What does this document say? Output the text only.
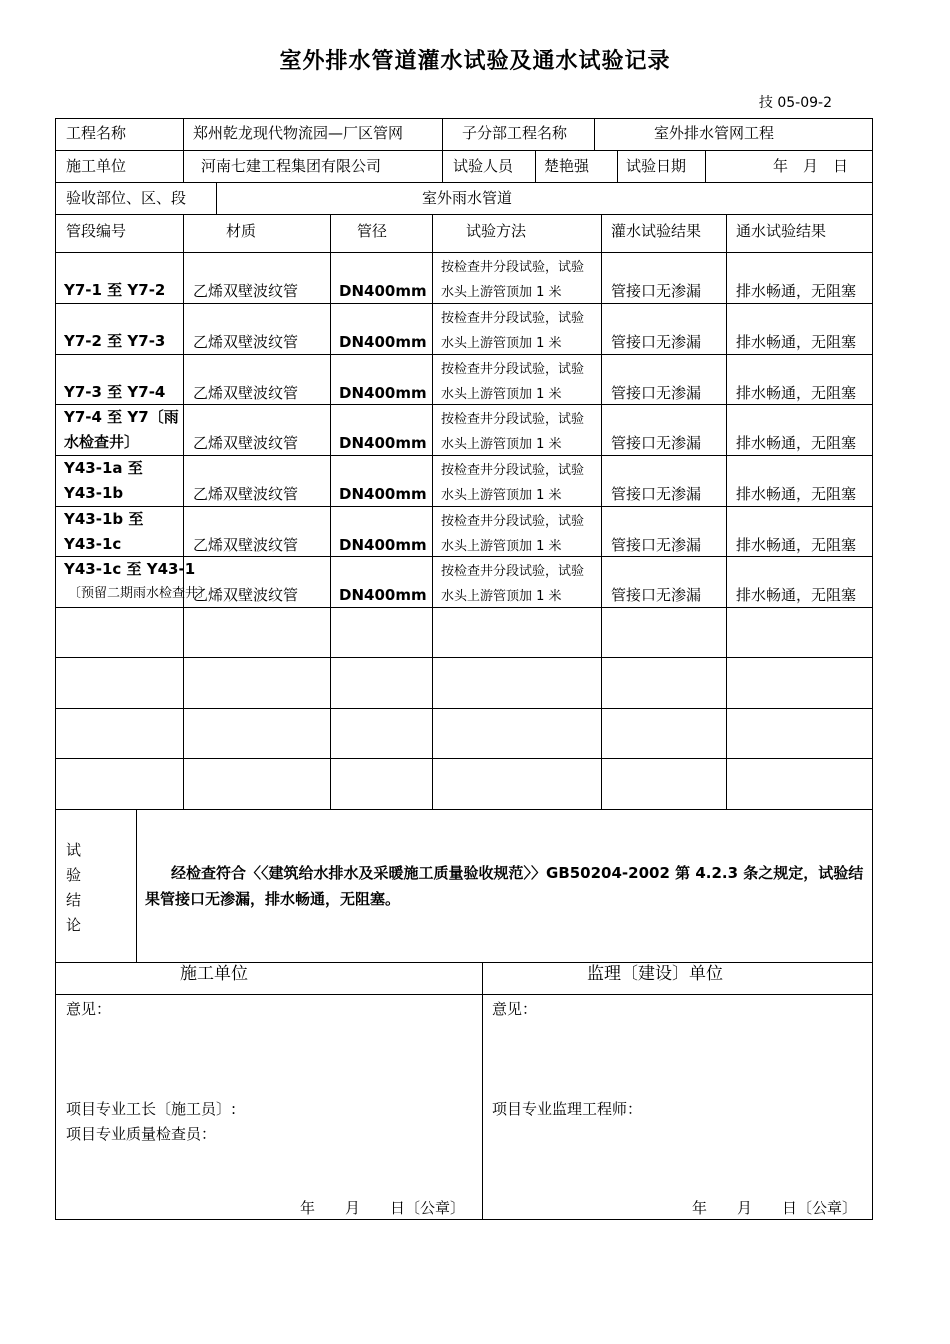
室外排水管道灌水试验及通水试验记录
技 05-09-2
工程名称	郑州乾龙现代物流园—厂区管网	子分部工程名称	室外排水管网工程
施工单位	河南七建工程集团有限公司	试验人员 楚艳强 试验日期	年　月　日
验收部位、区、段	室外雨水管道
管段编号	材质	管径	试验方法	灌水试验结果 通水试验结果
Y7-1 至 Y7-2 乙烯双壁波纹管	DN400mm
按检查井分段试验，试验
水头上游管顶加 1 米	管接口无渗漏 排水畅通，无阻塞
Y7-2 至 Y7-3 乙烯双壁波纹管	DN400mm
按检查井分段试验，试验
水头上游管顶加 1 米	管接口无渗漏 排水畅通，无阻塞
Y7-3 至 Y7-4 乙烯双壁波纹管	DN400mm
按检查井分段试验，试验
水头上游管顶加 1 米	管接口无渗漏 排水畅通，无阻塞
Y7-4 至 Y7〔雨
水检查井〕	乙烯双壁波纹管	DN400mm
按检查井分段试验，试验
水头上游管顶加 1 米	管接口无渗漏 排水畅通，无阻塞
Y43-1a 至
Y43-1b	乙烯双壁波纹管	DN400mm
按检查井分段试验，试验
水头上游管顶加 1 米	管接口无渗漏 排水畅通，无阻塞
Y43-1b 至
Y43-1c	乙烯双壁波纹管	DN400mm
按检查井分段试验，试验
水头上游管顶加 1 米	管接口无渗漏 排水畅通，无阻塞
Y43-1c 至 Y43-1
〔预留二期雨水检查井〕
乙烯双壁波纹管	DN400mm
按检查井分段试验，试验
水头上游管顶加 1 米	管接口无渗漏 排水畅通，无阻塞
试
验
结
论
经检查符合〈〈建筑给水排水及采暖施工质量验收规范〉〉GB50204-2002 第 4.2.3 条之规定，试验结果管接口无渗漏，排水畅通，无阻塞。
施工单位	监理〔建设〕单位
意见：	意见：
项目专业工长〔施工员〕:
项目专业质量检查员：
项目专业监理工程师：
年　　月　　日〔公章〕	年　　月　　日〔公章〕
